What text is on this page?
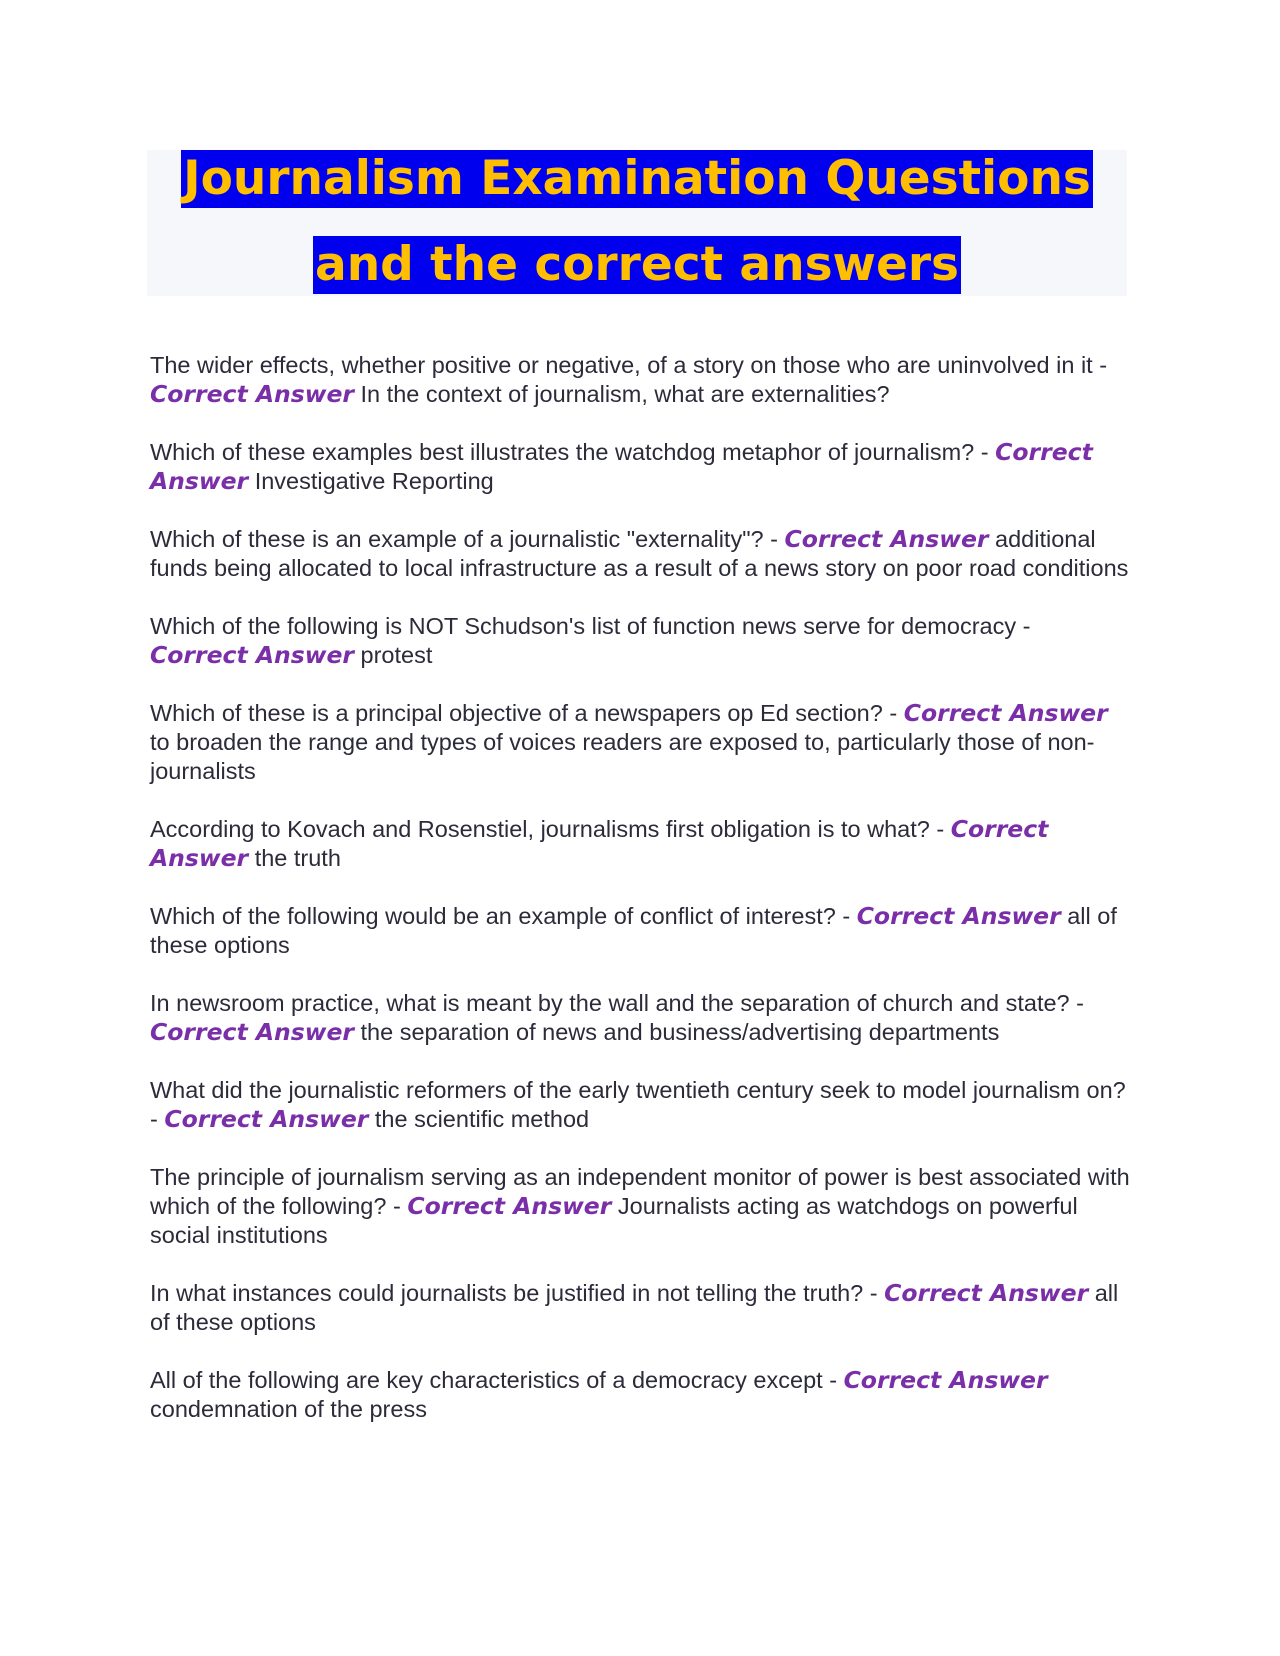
Journalism Examination Questions
and the correct answers
The wider effects, whether positive or negative, of a story on those who are uninvolved in it - Correct Answer In the context of journalism, what are externalities?
Which of these examples best illustrates the watchdog metaphor of journalism? - Correct Answer Investigative Reporting
Which of these is an example of a journalistic "externality"? - Correct Answer additional funds being allocated to local infrastructure as a result of a news story on poor road conditions
Which of the following is NOT Schudson's list of function news serve for democracy - Correct Answer protest
Which of these is a principal objective of a newspapers op Ed section? - Correct Answer to broaden the range and types of voices readers are exposed to, particularly those of non-journalists
According to Kovach and Rosenstiel, journalisms first obligation is to what? - Correct Answer the truth
Which of the following would be an example of conflict of interest? - Correct Answer all of these options
In newsroom practice, what is meant by the wall and the separation of church and state? - Correct Answer the separation of news and business/advertising departments
What did the journalistic reformers of the early twentieth century seek to model journalism on? - Correct Answer the scientific method
The principle of journalism serving as an independent monitor of power is best associated with which of the following? - Correct Answer Journalists acting as watchdogs on powerful social institutions
In what instances could journalists be justified in not telling the truth? - Correct Answer all of these options
All of the following are key characteristics of a democracy except - Correct Answer condemnation of the press
